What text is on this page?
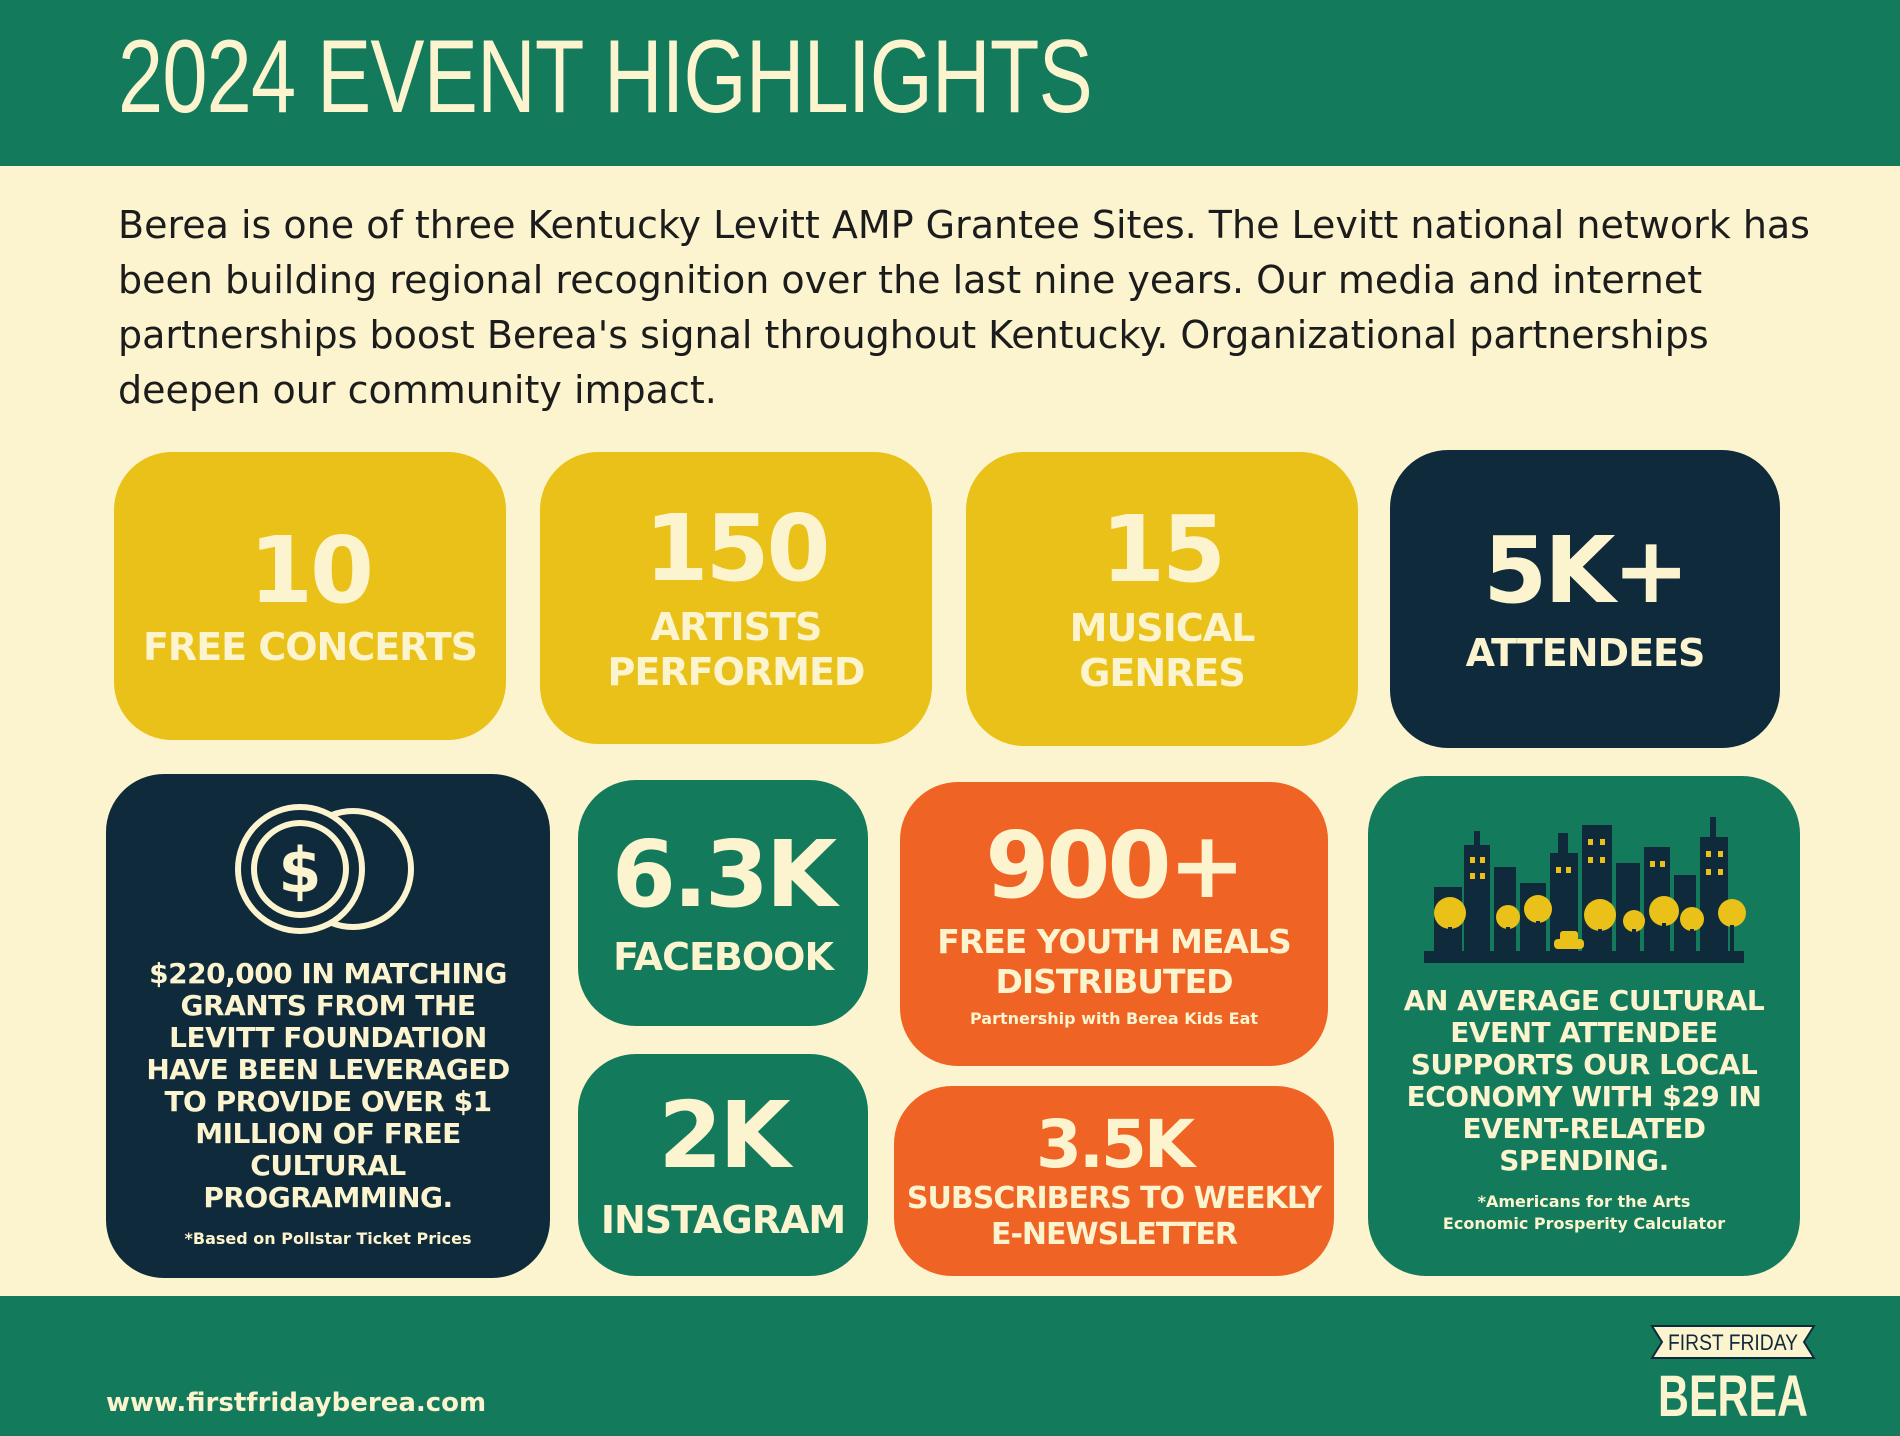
2024 EVENT HIGHLIGHTS

Berea is one of three Kentucky Levitt AMP Grantee Sites. The Levitt national network has been building regional recognition over the last nine years. Our media and internet partnerships boost Berea's signal throughout Kentucky. Organizational partnerships deepen our community impact.

10
FREE CONCERTS
150
ARTISTS
PERFORMED
15
MUSICAL
GENRES
5K+
ATTENDEES
$
$220,000 IN MATCHING GRANTS FROM THE LEVITT FOUNDATION HAVE BEEN LEVERAGED TO PROVIDE OVER $1 MILLION OF FREE CULTURAL PROGRAMMING.
*Based on Pollstar Ticket Prices
6.3K
FACEBOOK
2K
INSTAGRAM
900+
FREE YOUTH MEALS
DISTRIBUTED
Partnership with Berea Kids Eat
3.5K
SUBSCRIBERS TO WEEKLY
E-NEWSLETTER
AN AVERAGE CULTURAL EVENT ATTENDEE SUPPORTS OUR LOCAL ECONOMY WITH $29 IN EVENT-RELATED SPENDING.
*Americans for the Arts
Economic Prosperity Calculator
www.firstfridayberea.com
FIRST FRIDAY
BEREA
